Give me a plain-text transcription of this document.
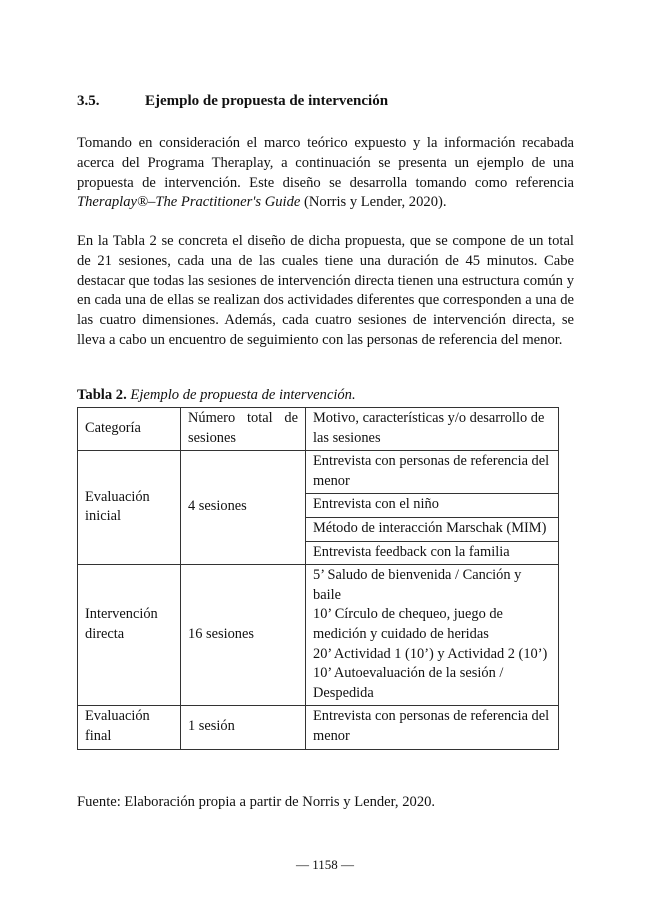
3.5.	Ejemplo de propuesta de intervención

Tomando en consideración el marco teórico expuesto y la información recabada acerca del Programa Theraplay, a continuación se presenta un ejemplo de una propuesta de intervención. Este diseño se desarrolla tomando como referencia Theraplay®–The Practitioner's Guide (Norris y Lender, 2020).

En la Tabla 2 se concreta el diseño de dicha propuesta, que se compone de un total de 21 sesiones, cada una de las cuales tiene una duración de 45 minutos. Cabe destacar que todas las sesiones de intervención directa tienen una estructura común y en cada una de ellas se realizan dos actividades diferentes que corresponden a una de las cuatro dimensiones. Además, cada cuatro sesiones de intervención directa, se lleva a cabo un encuentro de seguimiento con las personas de referencia del menor.

Tabla 2. Ejemplo de propuesta de intervención.
Categoría	Número total de sesiones	Motivo, características y/o desarrollo de las sesiones
Evaluación inicial	4 sesiones	Entrevista con personas de referencia del menor
		Entrevista con el niño
		Método de interacción Marschak (MIM)
		Entrevista feedback con la familia
Intervención directa	16 sesiones	5’ Saludo de bienvenida / Canción y baile
10’ Círculo de chequeo, juego de medición y cuidado de heridas
20’ Actividad 1 (10’) y Actividad 2 (10’)
10’ Autoevaluación de la sesión / Despedida

Evaluación final	1 sesión	Entrevista con personas de referencia del menor
Fuente: Elaboración propia a partir de Norris y Lender, 2020.
— 1158 —
